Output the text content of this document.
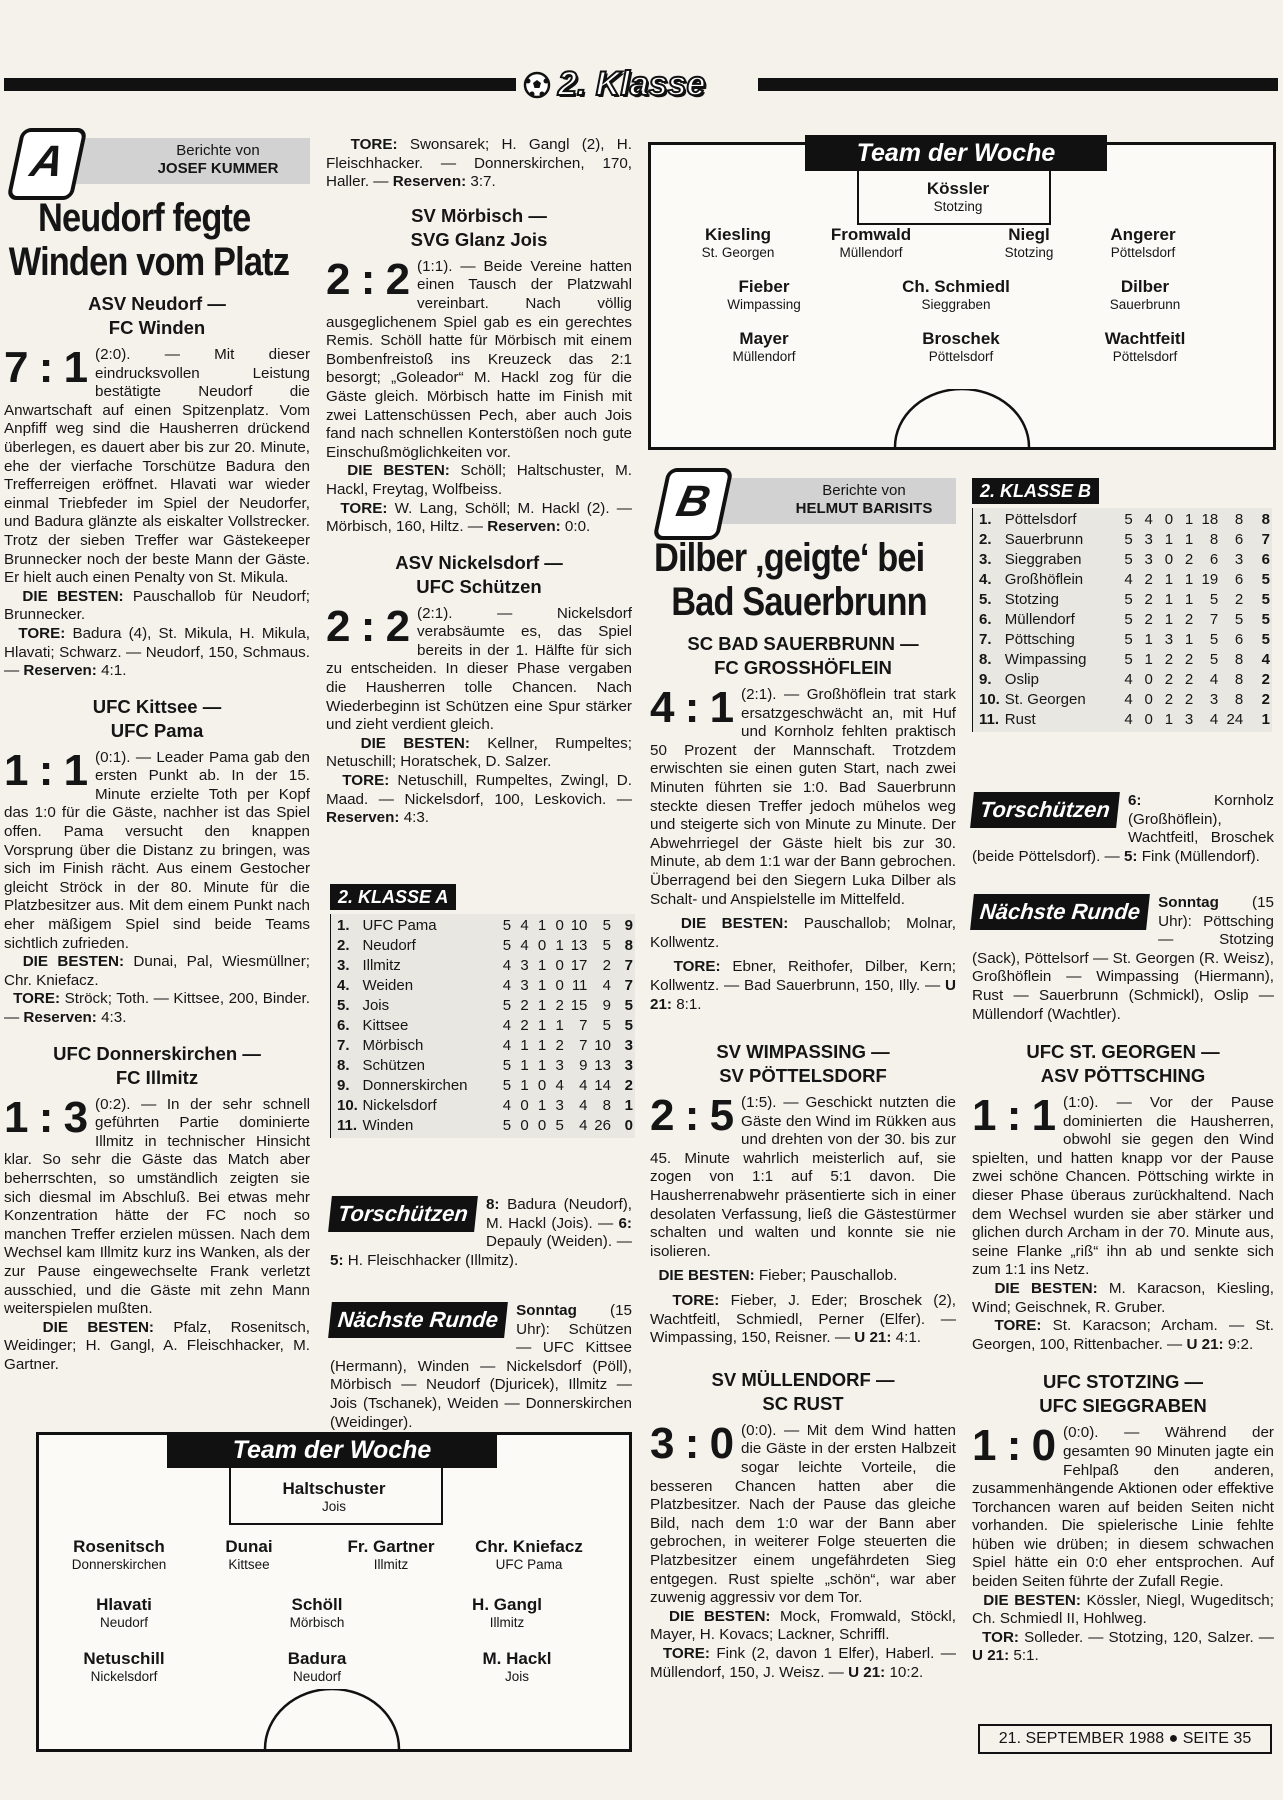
2. Klasse
A	Berichte von
JOSEF KUMMER
Neudorf fegte
Winden vom Platz
ASV Neudorf —
FC Winden

7 : 1 (2:0). — Mit dieser eindrucksvollen Leistung bestätigte Neudorf die Anwartschaft auf einen Spitzenplatz. Vom Anpfiff weg sind die Hausherren drückend überlegen, es dauert aber bis zur 20. Minute, ehe der vierfache Torschütze Badura den Trefferreigen eröffnet. Hlavati war wieder einmal Triebfeder im Spiel der Neudorfer, und Badura glänzte als eiskalter Vollstrecker. Trotz der sieben Treffer war Gästekeeper Brunnecker noch der beste Mann der Gäste. Er hielt auch einen Penalty von St. Mikula.

DIE BESTEN: Pauschallob für Neudorf; Brunnecker.

TORE: Badura (4), St. Mikula, H. Mikula, Hlavati; Schwarz. — Neudorf, 150, Schmaus. — Reserven: 4:1.

UFC Kittsee —
UFC Pama

1 : 1 (0:1). — Leader Pama gab den ersten Punkt ab. In der 15. Minute erzielte Toth per Kopf das 1:0 für die Gäste, nachher ist das Spiel offen. Pama versucht den knappen Vorsprung über die Distanz zu bringen, was sich im Finish rächt. Aus einem Gestocher gleicht Ströck in der 80. Minute für die Platzbesitzer aus. Mit dem einem Punkt nach eher mäßigem Spiel sind beide Teams sichtlich zufrieden.

DIE BESTEN: Dunai, Pal, Wiesmüllner; Chr. Kniefacz.

TORE: Ströck; Toth. — Kittsee, 200, Binder. — Reserven: 4:3.

UFC Donnerskirchen —
FC Illmitz

1 : 3 (0:2). — In der sehr schnell geführten Partie dominierte Illmitz in technischer Hinsicht klar. So sehr die Gäste das Match aber beherrschten, so umständlich zeigten sie sich diesmal im Abschluß. Bei etwas mehr Konzentration hätte der FC noch so manchen Treffer erzielen müssen. Nach dem Wechsel kam Illmitz kurz ins Wanken, als der zur Pause eingewechselte Frank verletzt ausschied, und die Gäste mit zehn Mann weiterspielen mußten.

DIE BESTEN: Pfalz, Rosenitsch, Weidinger; H. Gangl, A. Fleischhacker, M. Gartner.

TORE: Swonsarek; H. Gangl (2), H. Fleischhacker. — Donnerskirchen, 170, Haller. — Reserven: 3:7.

SV Mörbisch —
SVG Glanz Jois

2 : 2 (1:1). — Beide Vereine hatten einen Tausch der Platzwahl vereinbart. Nach völlig ausgeglichenem Spiel gab es ein gerechtes Remis. Schöll hatte für Mörbisch mit einem Bombenfreistoß ins Kreuzeck das 2:1 besorgt; „Goleador“ M. Hackl zog für die Gäste gleich. Mörbisch hatte im Finish mit zwei Lattenschüssen Pech, aber auch Jois fand nach schnellen Konterstößen noch gute Einschußmöglichkeiten vor.

DIE BESTEN: Schöll; Haltschuster, M. Hackl, Freytag, Wolfbeiss.

TORE: W. Lang, Schöll; M. Hackl (2). — Mörbisch, 160, Hiltz. — Reserven: 0:0.

ASV Nickelsdorf —
UFC Schützen

2 : 2 (2:1). — Nickelsdorf verabsäumte es, das Spiel bereits in der 1. Hälfte für sich zu entscheiden. In dieser Phase vergaben die Hausherren tolle Chancen. Nach Wiederbeginn ist Schützen eine Spur stärker und zieht verdient gleich.

DIE BESTEN: Kellner, Rumpeltes; Netuschill; Horatschek, D. Salzer.

TORE: Netuschill, Rumpeltes, Zwingl, D. Maad. — Nickelsdorf, 100, Leskovich. — Reserven: 4:3.

2. KLASSE A
1.	UFC Pama	5	4	1	0	10	5	9
2.	Neudorf	5	4	0	1	13	5	8
3.	Illmitz	4	3	1	0	17	2	7
4.	Weiden	4	3	1	0	11	4	7
5.	Jois	5	2	1	2	15	9	5
6.	Kittsee	4	2	1	1	7	5	5
7.	Mörbisch	4	1	1	2	7	10	3
8.	Schützen	5	1	1	3	9	13	3
9.	Donnerskirchen	5	1	0	4	4	14	2
10.	Nickelsdorf	4	0	1	3	4	8	1
11.	Winden	5	0	0	5	4	26	0

Torschützen	8: Badura (Neudorf), M. Hackl (Jois). — 6: Depauly (Weiden). — 5: H. Fleischhacker (Illmitz).

Nächste Runde	Sonntag (15 Uhr): Schützen — UFC Kittsee (Hermann), Winden — Nickelsdorf (Pöll), Mörbisch — Neudorf (Djuricek), Illmitz — Jois (Tschanek), Weiden — Donnerskirchen (Weidinger).

Team der Woche
Haltschuster
Jois
Rosenitsch
Donnerskirchen
Dunai
Kittsee
Fr. Gartner
Illmitz
Chr. Kniefacz
UFC Pama
Hlavati
Neudorf
Schöll
Mörbisch
H. Gangl
Illmitz
Netuschill
Nickelsdorf
Badura
Neudorf
M. Hackl
Jois
Team der Woche
Kössler
Stotzing
Kiesling
St. Georgen
Fromwald
Müllendorf
Niegl
Stotzing
Angerer
Pöttelsdorf
Fieber
Wimpassing
Ch. Schmiedl
Sieggraben
Dilber
Sauerbrunn
Mayer
Müllendorf
Broschek
Pöttelsdorf
Wachtfeitl
Pöttelsdorf
B	Berichte von
HELMUT BARISITS
Dilber ‚geigte‘ bei
Bad Sauerbrunn
SC BAD SAUERBRUNN —
FC GROSSHÖFLEIN

4 : 1 (2:1). — Großhöflein trat stark ersatzgeschwächt an, mit Huf und Kornholz fehlten praktisch 50 Prozent der Mannschaft. Trotzdem erwischten sie einen guten Start, nach zwei Minuten führten sie 1:0. Bad Sauerbrunn steckte diesen Treffer jedoch mühelos weg und steigerte sich von Minute zu Minute. Der Abwehrriegel der Gäste hielt bis zur 30. Minute, ab dem 1:1 war der Bann gebrochen. Überragend bei den Siegern Luka Dilber als Schalt- und Anspielstelle im Mittelfeld.

DIE BESTEN: Pauschallob; Molnar, Kollwentz.

TORE: Ebner, Reithofer, Dilber, Kern; Kollwentz. — Bad Sauerbrunn, 150, Illy. — U 21: 8:1.

SV WIMPASSING —
SV PÖTTELSDORF

2 : 5 (1:5). — Geschickt nutzten die Gäste den Wind im Rükken aus und drehten von der 30. bis zur 45. Minute wahrlich meisterlich auf, sie zogen von 1:1 auf 5:1 davon. Die Hausherrenabwehr präsentierte sich in einer desolaten Verfassung, ließ die Gästestürmer schalten und walten und konnte sie nie isolieren.

DIE BESTEN: Fieber; Pauschallob.

TORE: Fieber, J. Eder; Broschek (2), Wachtfeitl, Schmiedl, Perner (Elfer). — Wimpassing, 150, Reisner. — U 21: 4:1.

SV MÜLLENDORF —
SC RUST

3 : 0 (0:0). — Mit dem Wind hatten die Gäste in der ersten Halbzeit sogar leichte Vorteile, die besseren Chancen hatten aber die Platzbesitzer. Nach der Pause das gleiche Bild, nach dem 1:0 war der Bann aber gebrochen, in weiterer Folge steuerten die Platzbesitzer einem ungefährdeten Sieg entgegen. Rust spielte „schön“, war aber zuwenig aggressiv vor dem Tor.

DIE BESTEN: Mock, Fromwald, Stöckl, Mayer, H. Kovacs; Lackner, Schriffl.

TORE: Fink (2, davon 1 Elfer), Haberl. — Müllendorf, 150, J. Weisz. — U 21: 10:2.

2. KLASSE B
1.	Pöttelsdorf	5	4	0	1	18	8	8
2.	Sauerbrunn	5	3	1	1	8	6	7
3.	Sieggraben	5	3	0	2	6	3	6
4.	Großhöflein	4	2	1	1	19	6	5
5.	Stotzing	5	2	1	1	5	2	5
6.	Müllendorf	5	2	1	2	7	5	5
7.	Pöttsching	5	1	3	1	5	6	5
8.	Wimpassing	5	1	2	2	5	8	4
9.	Oslip	4	0	2	2	4	8	2
10.	St. Georgen	4	0	2	2	3	8	2
11.	Rust	4	0	1	3	4	24	1

Torschützen	6:	Kornholz (Großhöflein), Wachtfeitl, Broschek (beide Pöttelsdorf). — 5: Fink (Müllendorf).

Nächste Runde	Sonntag (15 Uhr): Pöttsching — Stotzing (Sack), Pöttelsorf — St. Georgen (R. Weisz), Großhöflein — Wimpassing (Hiermann), Rust — Sauerbrunn (Schmickl), Oslip — Müllendorf (Wachtler).

UFC ST. GEORGEN —
ASV PÖTTSCHING

1 : 1 (1:0). — Vor der Pause dominierten die Hausherren, obwohl sie gegen den Wind spielten, und hatten knapp vor der Pause zwei schöne Chancen. Pöttsching wirkte in dieser Phase überaus zurückhaltend. Nach dem Wechsel wurden sie aber stärker und glichen durch Archam in der 70. Minute aus, seine Flanke „riß“ ihn ab und senkte sich zum 1:1 ins Netz.

DIE BESTEN: M. Karacson, Kiesling, Wind; Geischnek, R. Gruber.

TORE: St. Karacson; Archam. — St. Georgen, 100, Rittenbacher. — U 21: 9:2.

UFC STOTZING —
UFC SIEGGRABEN

1 : 0 (0:0). — Während der gesamten 90 Minuten jagte ein Fehlpaß den anderen, zusammenhängende Aktionen oder effektive Torchancen waren auf beiden Seiten nicht vorhanden. Die spielerische Linie fehlte hüben wie drüben; in diesem schwachen Spiel hätte ein 0:0 eher entsprochen. Auf beiden Seiten führte der Zufall Regie.

DIE BESTEN: Kössler, Niegl, Wugeditsch; Ch. Schmiedl II, Hohlweg.

TOR: Solleder. — Stotzing, 120, Salzer. — U 21: 5:1.

21. SEPTEMBER 1988 ● SEITE 35
